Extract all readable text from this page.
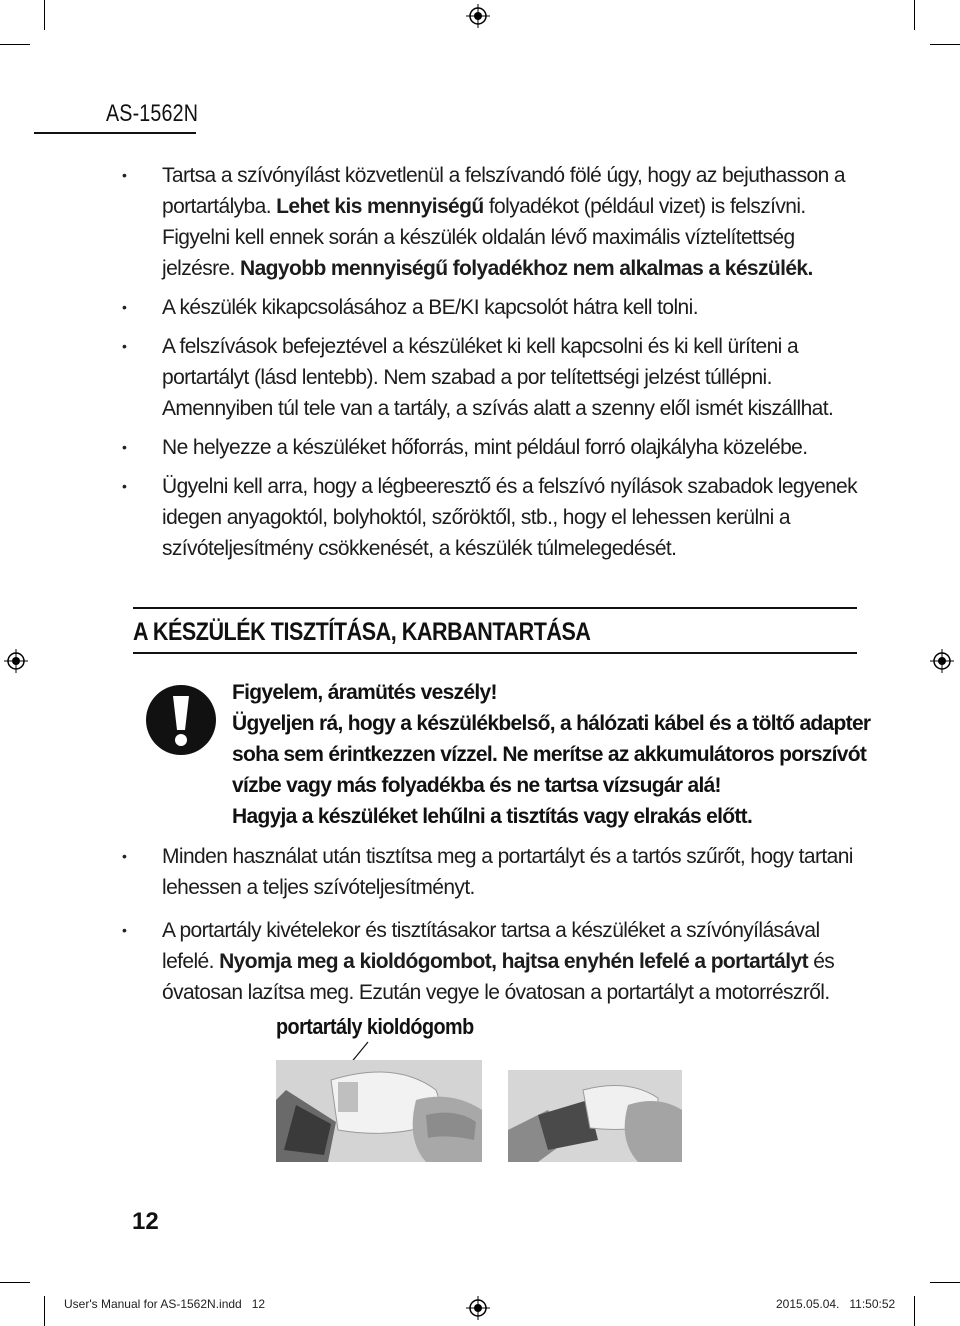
AS-1562N
• Tartsa a szívónyílást közvetlenül a felszívandó fölé úgy, hogy az bejuthasson a portartályba. Lehet kis mennyiségű folyadékot (például vizet) is felszívni. Figyelni kell ennek során a készülék oldalán lévő maximális víztelítettség jelzésre. Nagyobb mennyiségű folyadékhoz nem alkalmas a készülék.
• A készülék kikapcsolásához a BE/KI kapcsolót hátra kell tolni.
• A felszívások befejeztével a készüléket ki kell kapcsolni és ki kell üríteni a portartályt (lásd lentebb). Nem szabad a por telítettségi jelzést túllépni. Amennyiben túl tele van a tartály, a szívás alatt a szenny elől ismét kiszállhat.
• Ne helyezze a készüléket hőforrás, mint például forró olajkályha közelébe.
• Ügyelni kell arra, hogy a légbeeresztő és a felszívó nyílások szabadok legyenek idegen anyagoktól, bolyhoktól, szőröktől, stb., hogy el lehessen kerülni a szívóteljesítmény csökkenését, a készülék túlmelegedését.
A KÉSZÜLÉK TISZTÍTÁSA, KARBANTARTÁSA
Figyelem, áramütés veszély!
Ügyeljen rá, hogy a készülékbelső, a hálózati kábel és a töltő adapter
soha sem érintkezzen vízzel. Ne merítse az akkumulátoros porszívót
vízbe vagy más folyadékba és ne tartsa vízsugár alá!
Hagyja a készüléket lehűlni a tisztítás vagy elrakás előtt.
• Minden használat után tisztítsa meg a portartályt és a tartós szűrőt, hogy tartani lehessen a teljes szívóteljesítményt.
• A portartály kivételekor és tisztításakor tartsa a készüléket a szívónyílásával lefelé. Nyomja meg a kioldógombot, hajtsa enyhén lefelé a portartályt és óvatosan lazítsa meg. Ezután vegye le óvatosan a portartályt a motorrészről.
portartály kioldógomb
12
User's Manual for AS-1562N.indd   12	2015.05.04.   11:50:52
